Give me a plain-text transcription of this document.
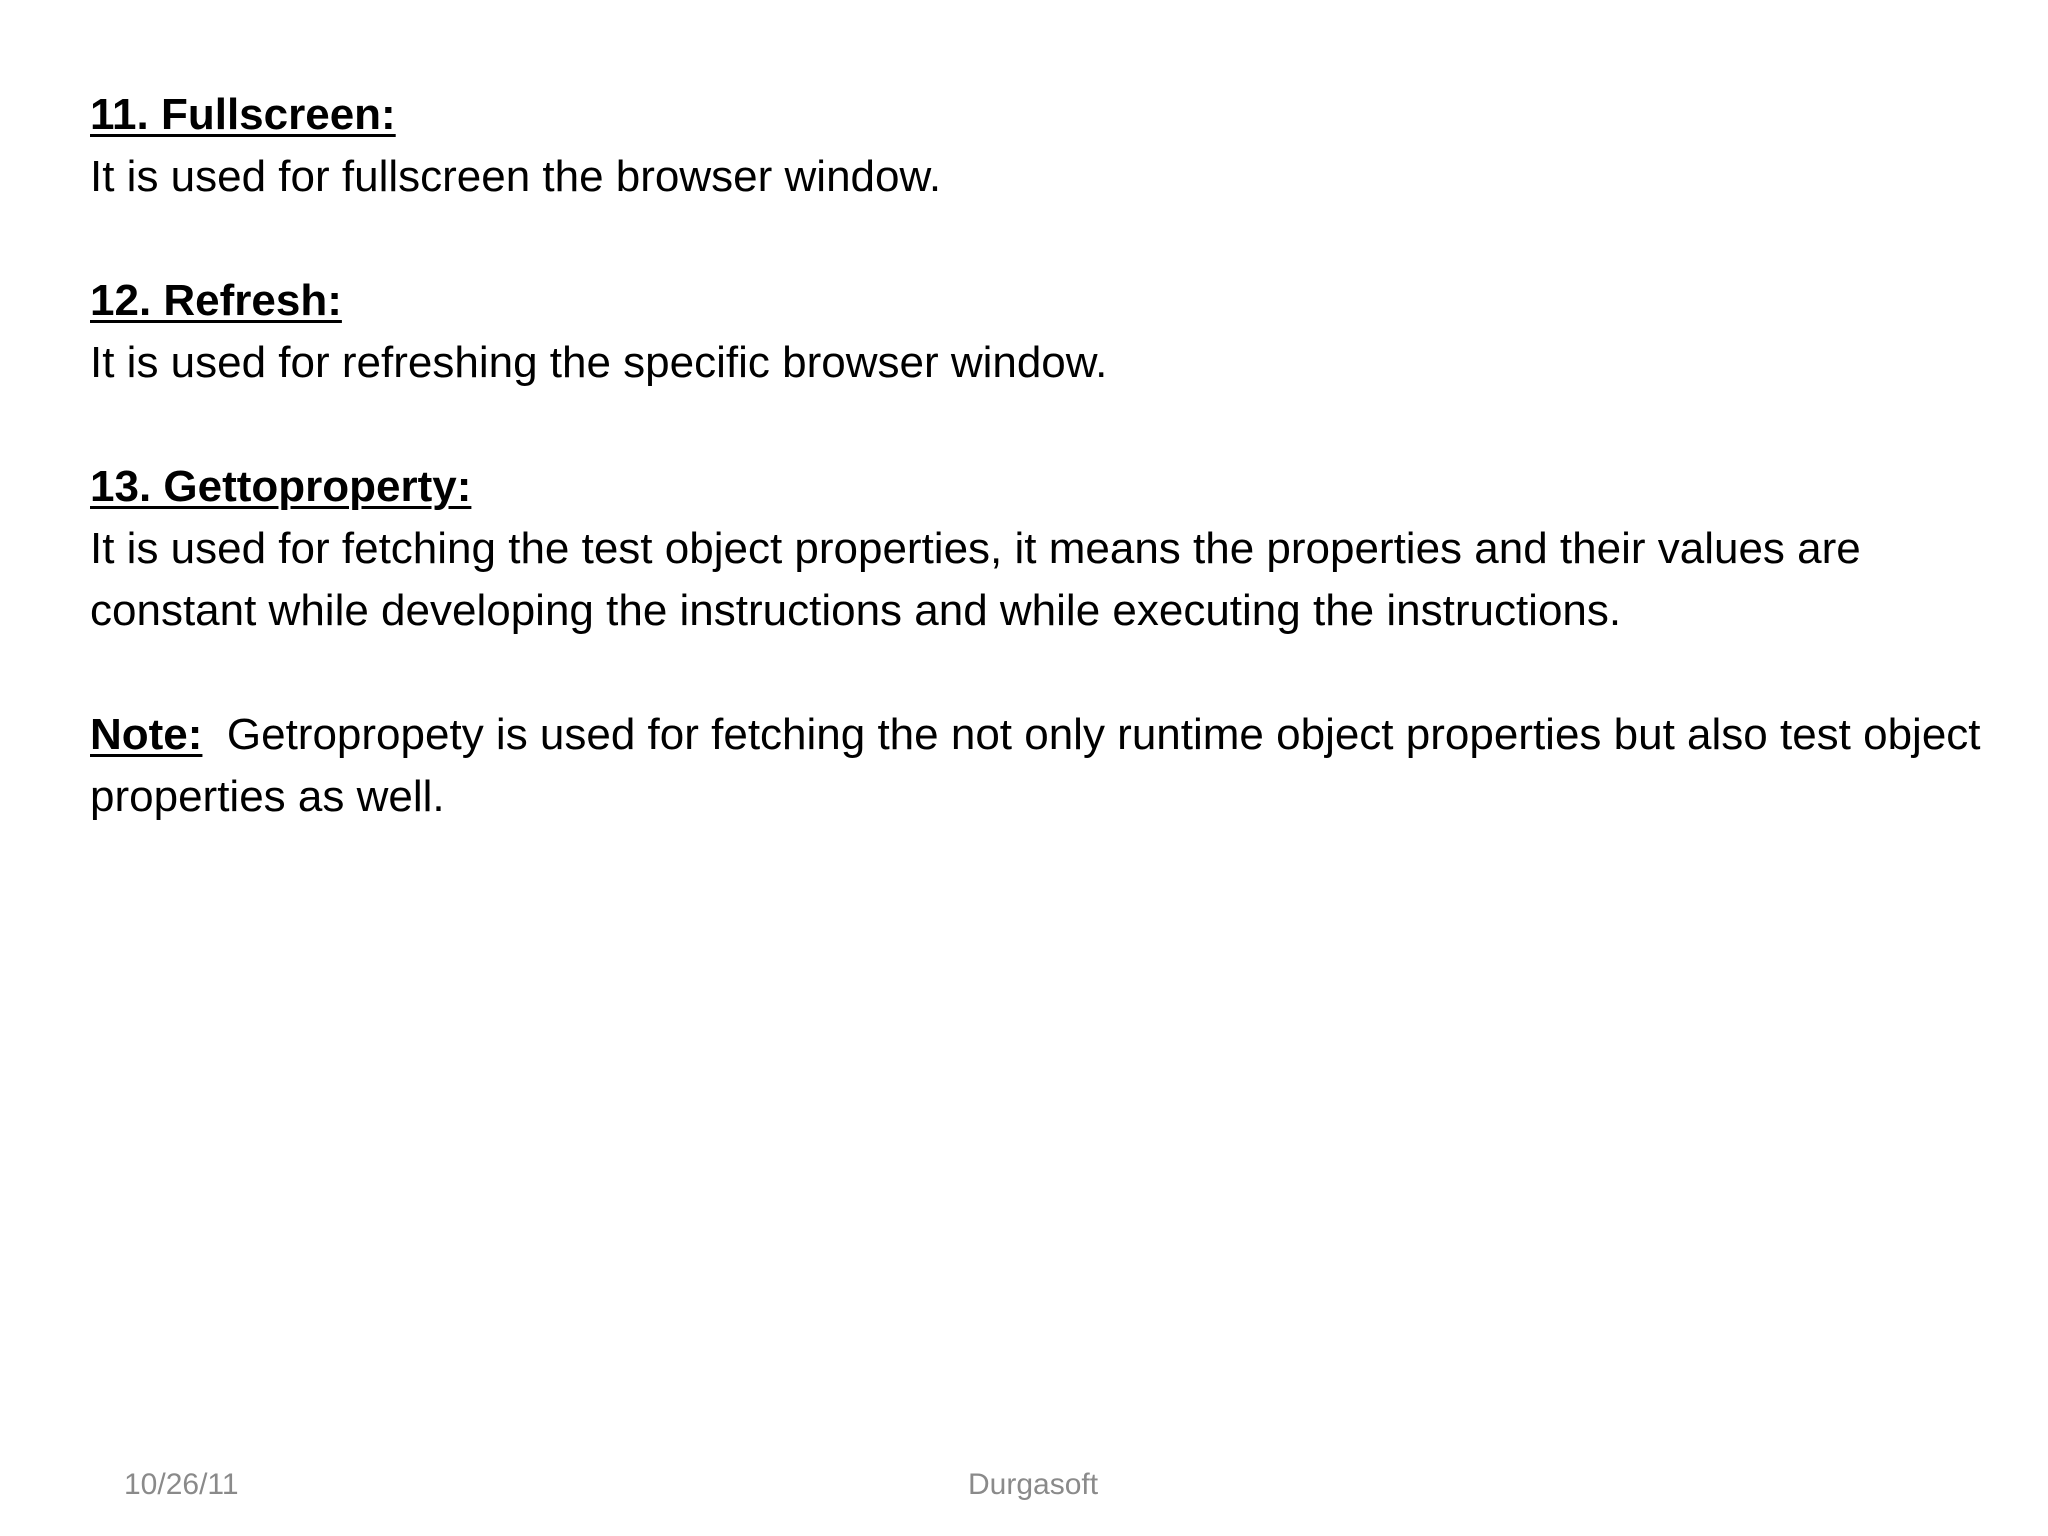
11. Fullscreen:

It is used for fullscreen the browser window.

12. Refresh:

It is used for refreshing the specific browser window.

13. Gettoproperty:

It is used for fetching the test object properties, it means the properties and their values are constant while developing the instructions and while executing the instructions.

Note: Getropropety is used for fetching the not only runtime object properties but also test object properties as well.

10/26/11	Durgasoft
